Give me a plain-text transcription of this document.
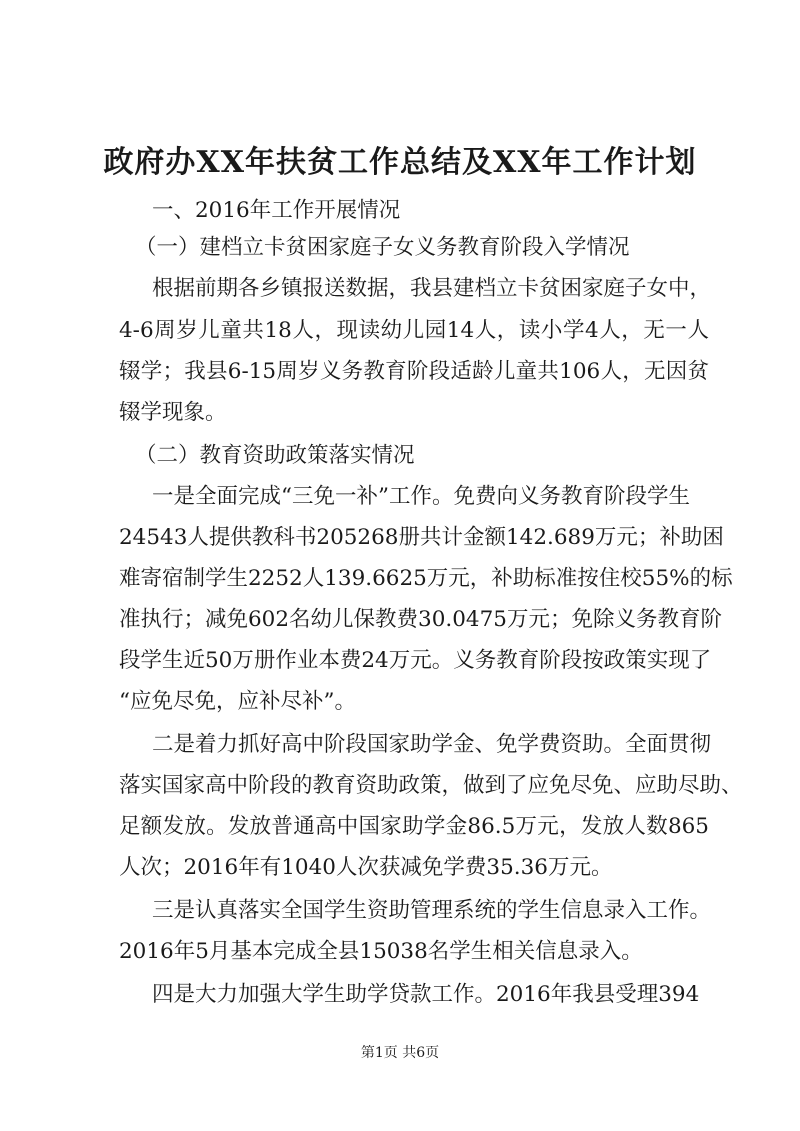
政府办XX年扶贫工作总结及XX年工作计划
一、2016年工作开展情况
（一）建档立卡贫困家庭子女义务教育阶段入学情况
根据前期各乡镇报送数据，我县建档立卡贫困家庭子女中，
4-6周岁儿童共18人，现读幼儿园14人，读小学4人，无一人
辍学；我县6-15周岁义务教育阶段适龄儿童共106人，无因贫
辍学现象。
（二）教育资助政策落实情况
一是全面完成“三免一补”工作。免费向义务教育阶段学生
24543人提供教科书205268册共计金额142.689万元；补助困
难寄宿制学生2252人139.6625万元，补助标准按住校55%的标
准执行；减免602名幼儿保教费30.0475万元；免除义务教育阶
段学生近50万册作业本费24万元。义务教育阶段按政策实现了
“应免尽免，应补尽补”。
二是着力抓好高中阶段国家助学金、免学费资助。全面贯彻
落实国家高中阶段的教育资助政策，做到了应免尽免、应助尽助、
足额发放。发放普通高中国家助学金86.5万元，发放人数865
人次；2016年有1040人次获减免学费35.36万元。
三是认真落实全国学生资助管理系统的学生信息录入工作。
2016年5月基本完成全县15038名学生相关信息录入。
四是大力加强大学生助学贷款工作。2016年我县受理394
第1页 共6页
